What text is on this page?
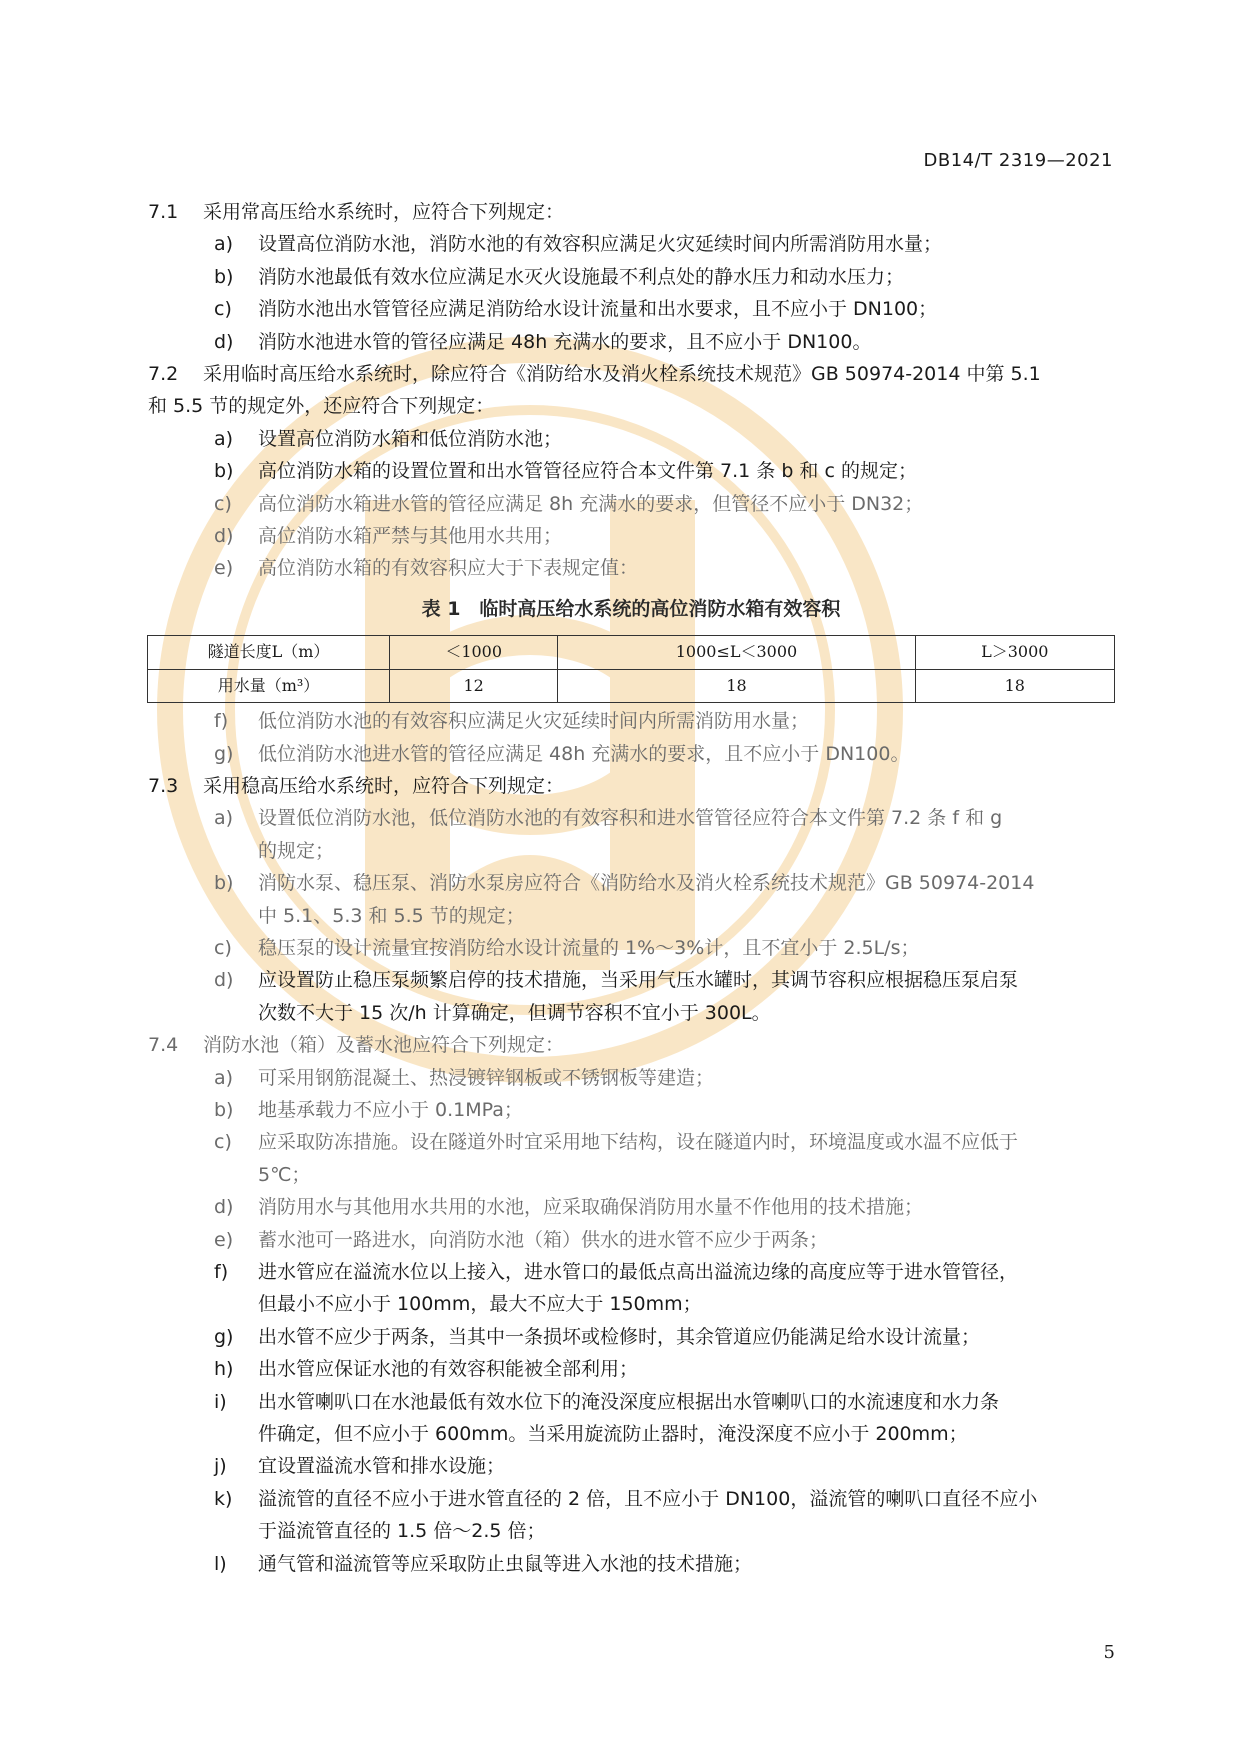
DB14/T 2319—2021

7.1 采用常高压给水系统时，应符合下列规定：

a) 设置高位消防水池，消防水池的有效容积应满足火灾延续时间内所需消防用水量；

b) 消防水池最低有效水位应满足水灭火设施最不利点处的静水压力和动水压力；

c) 消防水池出水管管径应满足消防给水设计流量和出水要求，且不应小于 DN100；

d) 消防水池进水管的管径应满足 48h 充满水的要求，且不应小于 DN100。

7.2 采用临时高压给水系统时，除应符合《消防给水及消火栓系统技术规范》GB 50974-2014 中第 5.1

和 5.5 节的规定外，还应符合下列规定：

a) 设置高位消防水箱和低位消防水池；

b) 高位消防水箱的设置位置和出水管管径应符合本文件第 7.1 条 b 和 c 的规定；

c) 高位消防水箱进水管的管径应满足 8h 充满水的要求，但管径不应小于 DN32；

d) 高位消防水箱严禁与其他用水共用；

e) 高位消防水箱的有效容积应大于下表规定值：

表 1　临时高压给水系统的高位消防水箱有效容积

隧道长度L（m）	＜1000	1000≤L＜3000	L＞3000
用水量（m³）	12	18	18

f) 低位消防水池的有效容积应满足火灾延续时间内所需消防用水量；

g) 低位消防水池进水管的管径应满足 48h 充满水的要求，且不应小于 DN100。

7.3 采用稳高压给水系统时，应符合下列规定：

a) 设置低位消防水池，低位消防水池的有效容积和进水管管径应符合本文件第 7.2 条 f 和 g

的规定；

b) 消防水泵、稳压泵、消防水泵房应符合《消防给水及消火栓系统技术规范》GB 50974-2014

中 5.1、5.3 和 5.5 节的规定；

c) 稳压泵的设计流量宜按消防给水设计流量的 1%～3%计，且不宜小于 2.5L/s；

d) 应设置防止稳压泵频繁启停的技术措施，当采用气压水罐时，其调节容积应根据稳压泵启泵

次数不大于 15 次/h 计算确定，但调节容积不宜小于 300L。

7.4 消防水池（箱）及蓄水池应符合下列规定：

a) 可采用钢筋混凝土、热浸镀锌钢板或不锈钢板等建造；

b) 地基承载力不应小于 0.1MPa；

c) 应采取防冻措施。设在隧道外时宜采用地下结构，设在隧道内时，环境温度或水温不应低于

5℃；

d) 消防用水与其他用水共用的水池，应采取确保消防用水量不作他用的技术措施；

e) 蓄水池可一路进水，向消防水池（箱）供水的进水管不应少于两条；

f) 进水管应在溢流水位以上接入，进水管口的最低点高出溢流边缘的高度应等于进水管管径，

但最小不应小于 100mm，最大不应大于 150mm；

g) 出水管不应少于两条，当其中一条损坏或检修时，其余管道应仍能满足给水设计流量；

h) 出水管应保证水池的有效容积能被全部利用；

i) 出水管喇叭口在水池最低有效水位下的淹没深度应根据出水管喇叭口的水流速度和水力条

件确定，但不应小于 600mm。当采用旋流防止器时，淹没深度不应小于 200mm；

j) 宜设置溢流水管和排水设施；

k) 溢流管的直径不应小于进水管直径的 2 倍，且不应小于 DN100，溢流管的喇叭口直径不应小

于溢流管直径的 1.5 倍～2.5 倍；

l) 通气管和溢流管等应采取防止虫鼠等进入水池的技术措施；

5
